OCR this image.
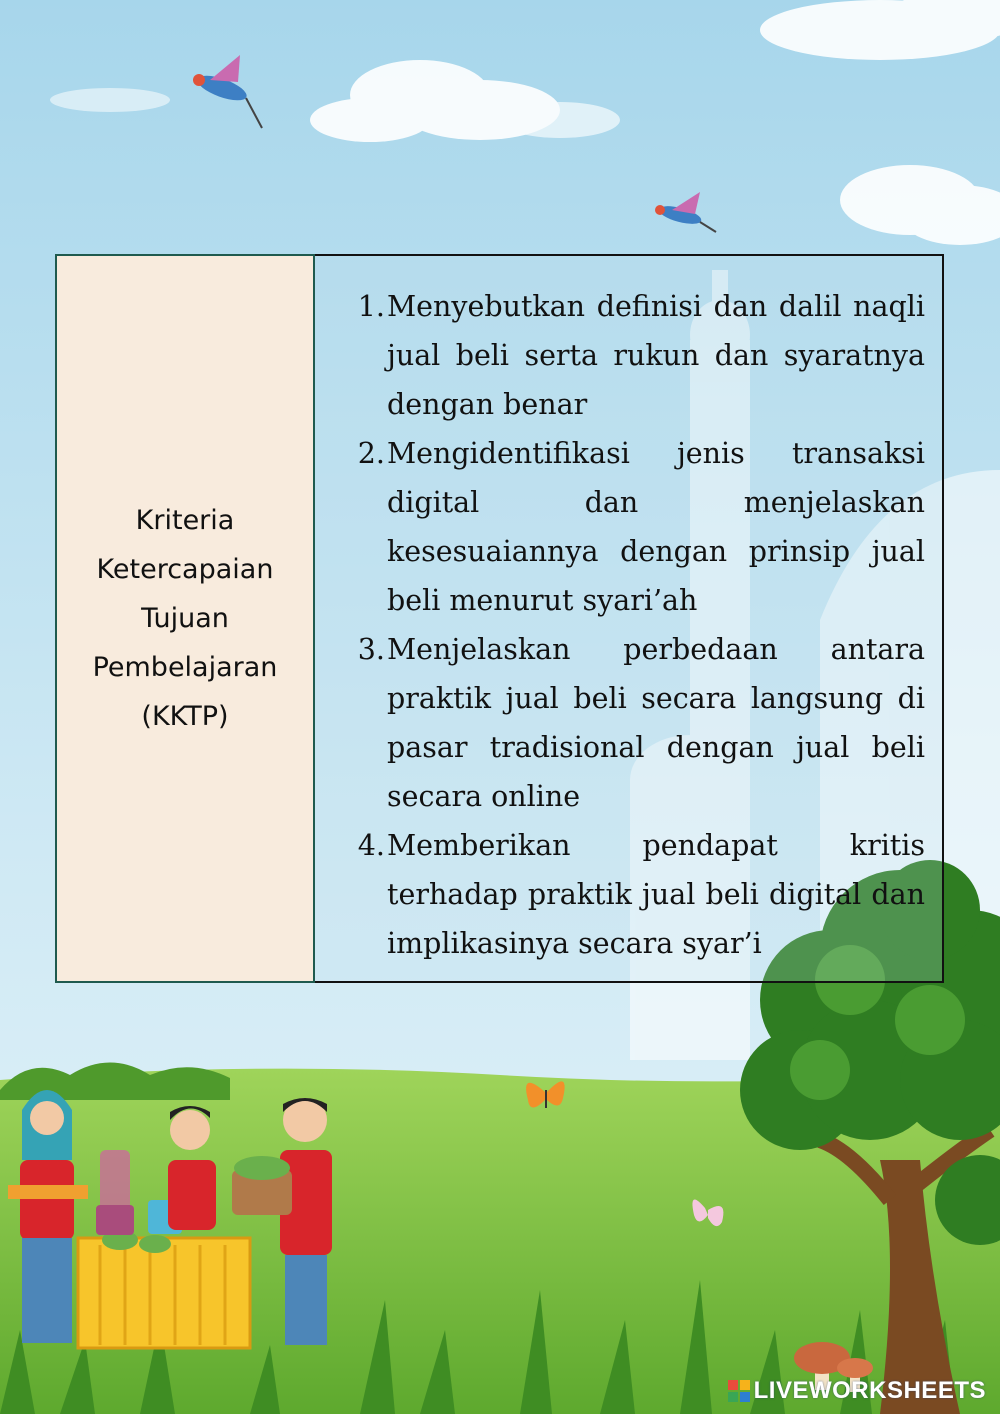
Kriteria
Ketercapaian
Tujuan
Pembelajaran
(KKTP)
1. Menyebutkan definisi dan dalil naqli jual beli serta rukun dan syaratnya dengan benar
2. Mengidentifikasi jenis transaksi digital dan menjelaskan kesesuaiannya dengan prinsip jual beli menurut syari’ah
3. Menjelaskan perbedaan antara praktik jual beli secara langsung di pasar tradisional dengan jual beli secara online
4. Memberikan pendapat kritis terhadap praktik jual beli digital dan implikasinya secara syar’i
LIVEWORKSHEETS
